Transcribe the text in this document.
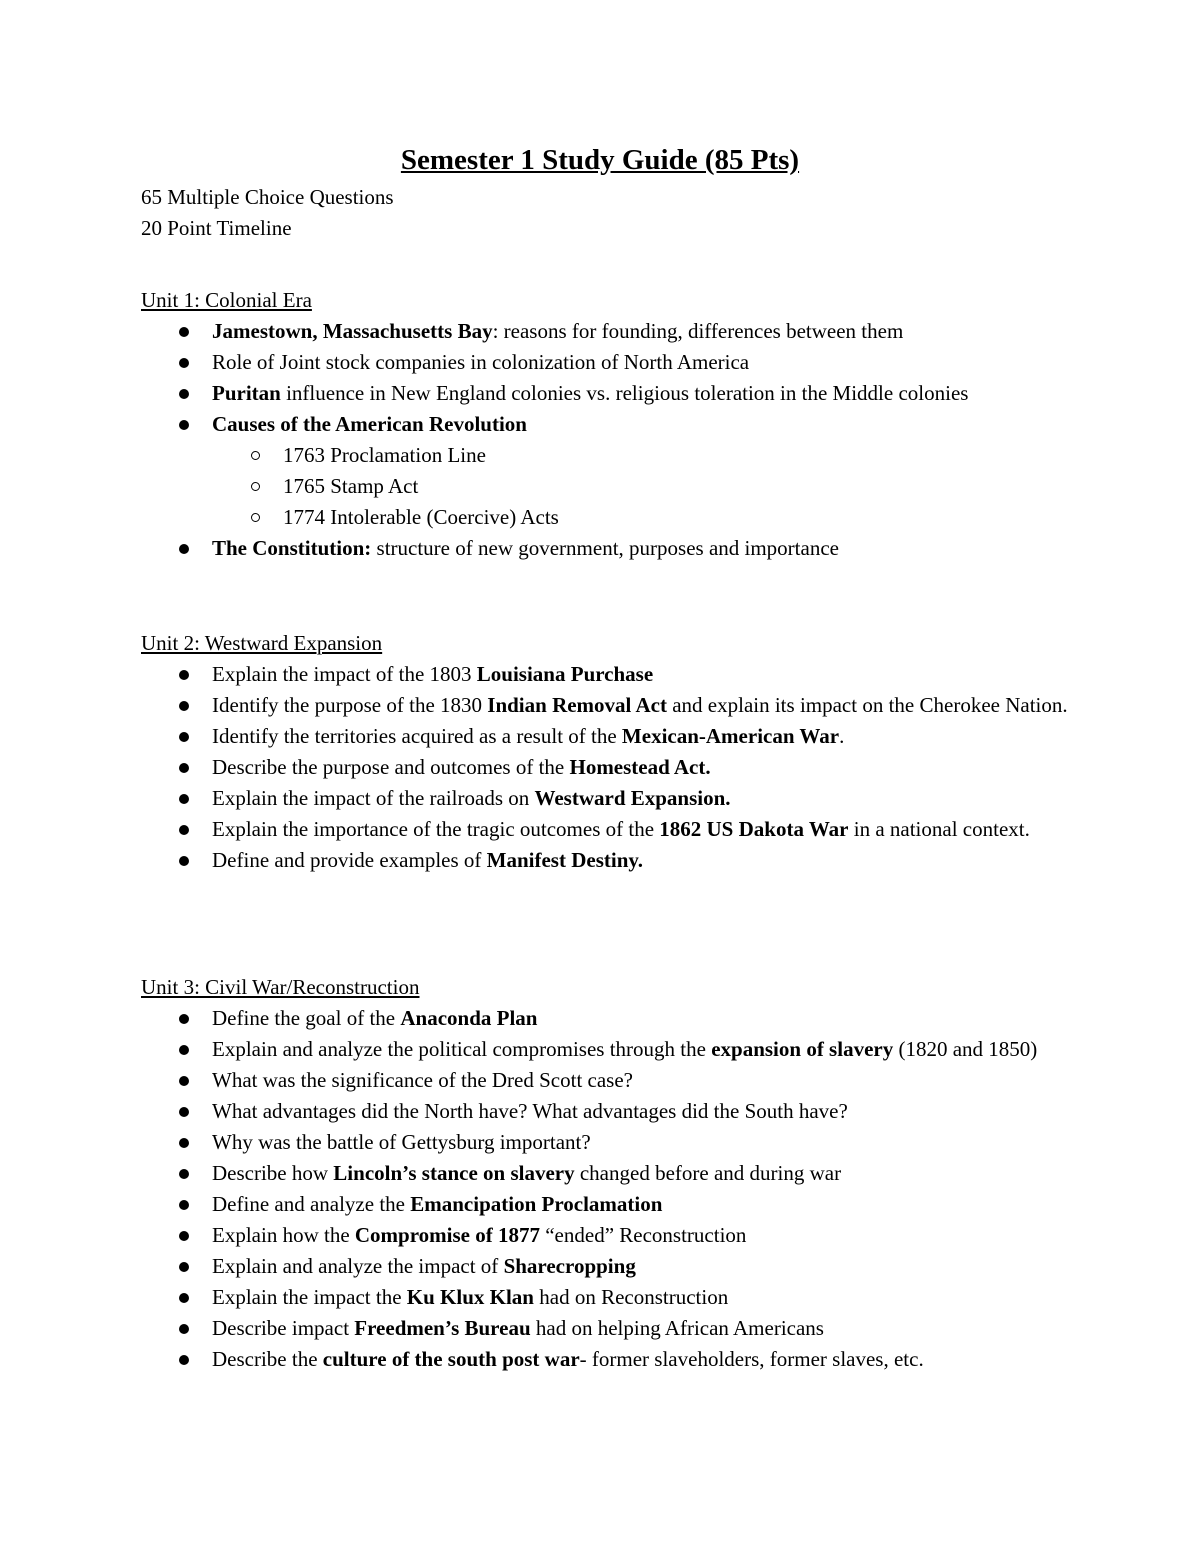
Semester 1 Study Guide (85 Pts)

65 Multiple Choice Questions

20 Point Timeline

Unit 1: Colonial Era

Jamestown, Massachusetts Bay: reasons for founding, differences between them
Role of Joint stock companies in colonization of North America
Puritan influence in New England colonies vs. religious toleration in the Middle colonies
Causes of the American Revolution
1763 Proclamation Line
1765 Stamp Act
1774 Intolerable (Coercive) Acts
The Constitution: structure of new government, purposes and importance

Unit 2: Westward Expansion

Explain the impact of the 1803 Louisiana Purchase
Identify the purpose of the 1830 Indian Removal Act and explain its impact on the Cherokee Nation.
Identify the territories acquired as a result of the Mexican-American War.
Describe the purpose and outcomes of the Homestead Act.
Explain the impact of the railroads on Westward Expansion.
Explain the importance of the tragic outcomes of the 1862 US Dakota War in a national context.
Define and provide examples of Manifest Destiny.

Unit 3: Civil War/Reconstruction

Define the goal of the Anaconda Plan
Explain and analyze the political compromises through the expansion of slavery (1820 and 1850)
What was the significance of the Dred Scott case?
What advantages did the North have? What advantages did the South have?
Why was the battle of Gettysburg important?
Describe how Lincoln’s stance on slavery changed before and during war
Define and analyze the Emancipation Proclamation
Explain how the Compromise of 1877 “ended” Reconstruction
Explain and analyze the impact of Sharecropping
Explain the impact the Ku Klux Klan had on Reconstruction
Describe impact Freedmen’s Bureau had on helping African Americans
Describe the culture of the south post war- former slaveholders, former slaves, etc.
